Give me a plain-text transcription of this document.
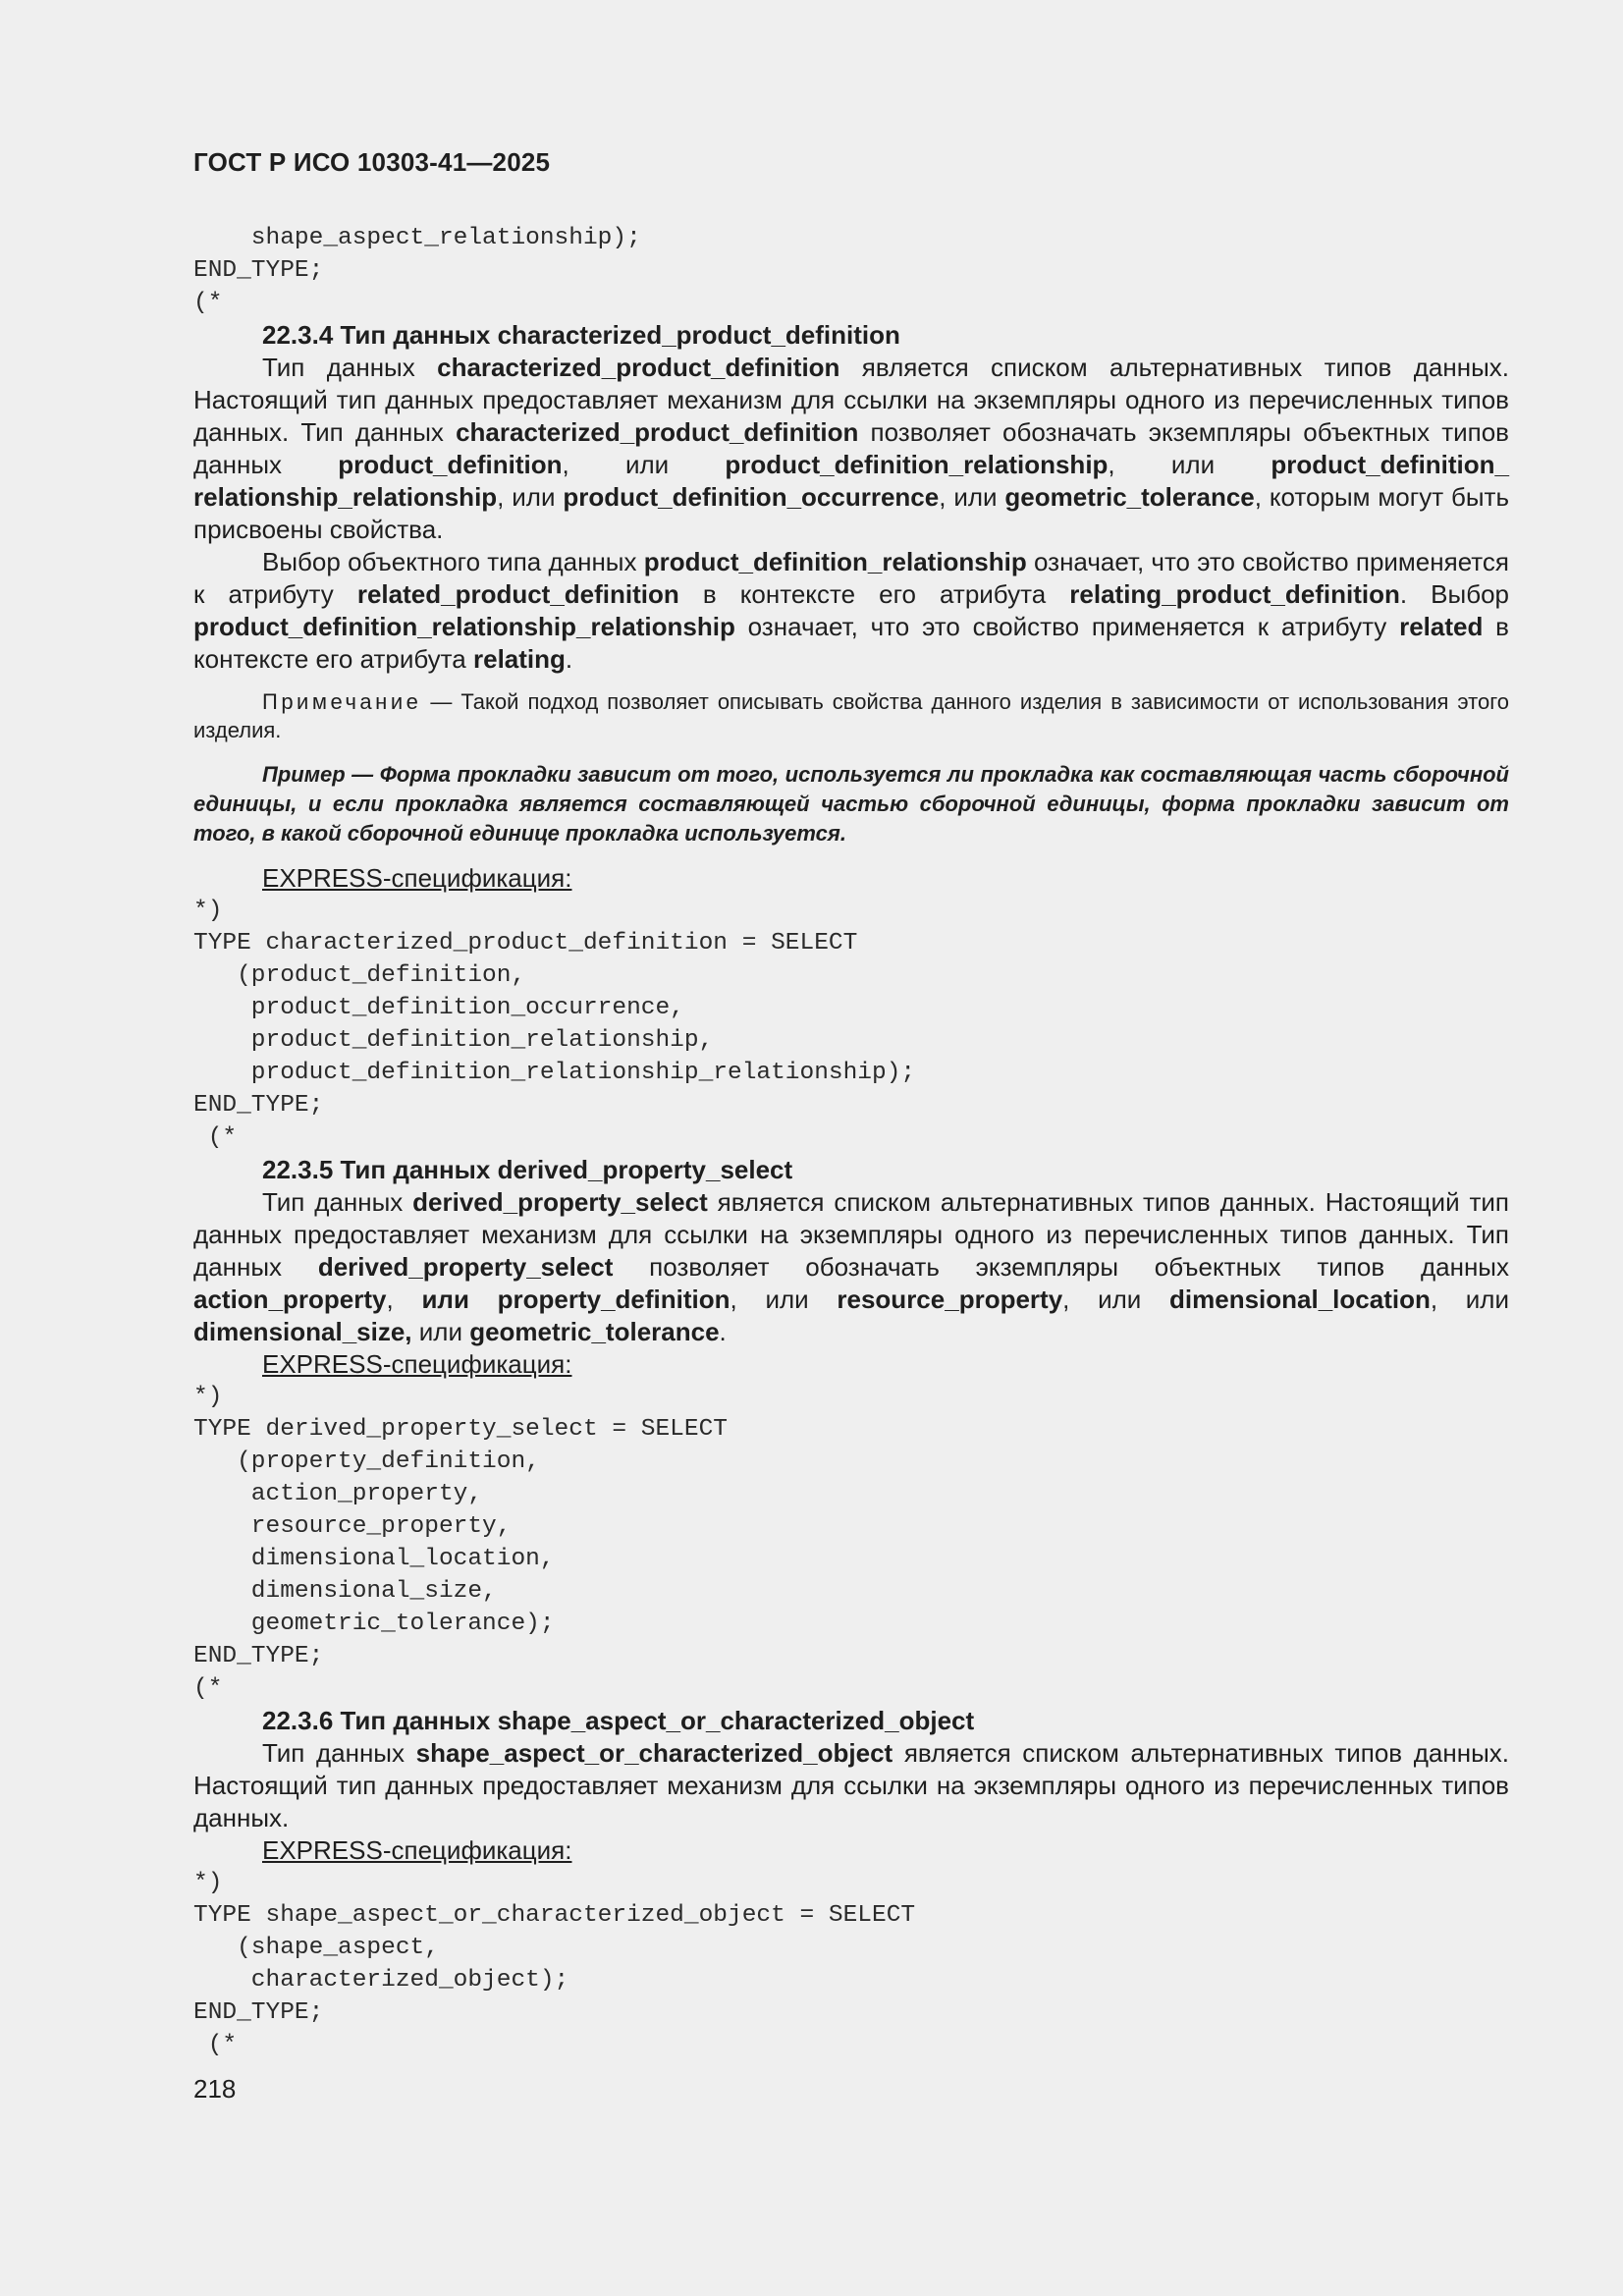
ГОСТ Р ИСО 10303-41—2025
shape_aspect_relationship);
END_TYPE;
(*
22.3.4 Тип данных characterized_product_definition
Тип данных characterized_product_definition является списком альтернативных типов данных. Настоящий тип данных предоставляет механизм для ссылки на экземпляры одного из перечисленных типов данных. Тип данных characterized_product_definition позволяет обозначать экземпляры объектных типов данных product_definition, или product_definition_relationship, или product_definition_ relationship_relationship, или product_definition_occurrence, или geometric_tolerance, которым могут быть присвоены свойства.
Выбор объектного типа данных product_definition_relationship означает, что это свойство применяется к атрибуту related_product_definition в контексте его атрибута relating_product_definition. Выбор product_definition_relationship_relationship означает, что это свойство применяется к атрибуту related в контексте его атрибута relating.
Примечание — Такой подход позволяет описывать свойства данного изделия в зависимости от использования этого изделия.
Пример — Форма прокладки зависит от того, используется ли прокладка как составляющая часть сборочной единицы, и если прокладка является составляющей частью сборочной единицы, форма прокладки зависит от того, в какой сборочной единице прокладка используется.
EXPRESS-спецификация:
*)
TYPE characterized_product_definition = SELECT
(product_definition,
product_definition_occurrence,
product_definition_relationship,
product_definition_relationship_relationship);
END_TYPE;
(*
22.3.5 Тип данных derived_property_select
Тип данных derived_property_select является списком альтернативных типов данных. Настоящий тип данных предоставляет механизм для ссылки на экземпляры одного из перечисленных типов данных. Тип данных derived_property_select позволяет обозначать экземпляры объектных типов данных action_property, или property_definition, или resource_property, или dimensional_location, или dimensional_size, или geometric_tolerance.
EXPRESS-спецификация:
*)
TYPE derived_property_select = SELECT
(property_definition,
action_property,
resource_property,
dimensional_location,
dimensional_size,
geometric_tolerance);
END_TYPE;
(*
22.3.6 Тип данных shape_aspect_or_characterized_object
Тип данных shape_aspect_or_characterized_object является списком альтернативных типов данных. Настоящий тип данных предоставляет механизм для ссылки на экземпляры одного из перечисленных типов данных.
EXPRESS-спецификация:
*)
TYPE shape_aspect_or_characterized_object = SELECT
(shape_aspect,
characterized_object);
END_TYPE;
(*
218
